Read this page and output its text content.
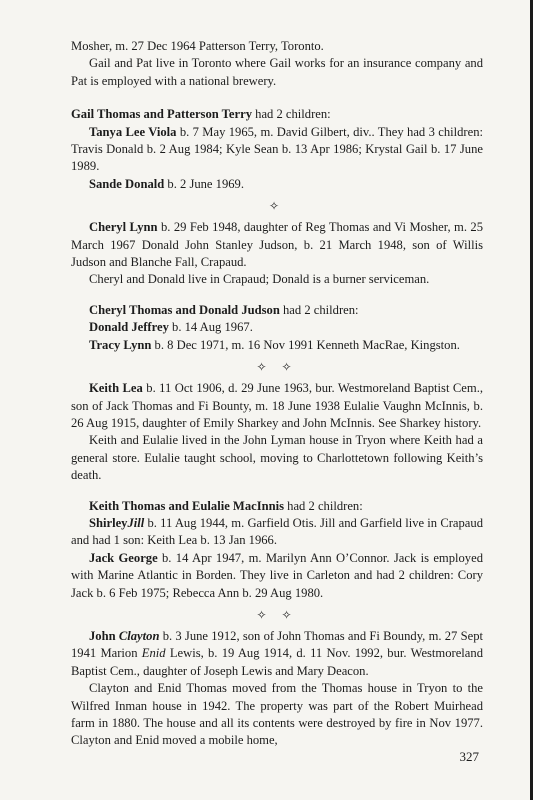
Mosher, m. 27 Dec 1964 Patterson Terry, Toronto.

Gail and Pat live in Toronto where Gail works for an insurance company and Pat is employed with a national brewery.

Gail Thomas and Patterson Terry had 2 children:

Tanya Lee Viola b. 7 May 1965, m. David Gilbert, div.. They had 3 children: Travis Donald b. 2 Aug 1984; Kyle Sean b. 13 Apr 1986; Krystal Gail b. 17 June 1989.

Sande Donald b. 2 June 1969.

✧

Cheryl Lynn b. 29 Feb 1948, daughter of Reg Thomas and Vi Mosher, m. 25 March 1967 Donald John Stanley Judson, b. 21 March 1948, son of Willis Judson and Blanche Fall, Crapaud.

Cheryl and Donald live in Crapaud; Donald is a burner serviceman.

Cheryl Thomas and Donald Judson had 2 children:

Donald Jeffrey b. 14 Aug 1967.

Tracy Lynn b. 8 Dec 1971, m. 16 Nov 1991 Kenneth MacRae, Kingston.

✧ ✧

Keith Lea b. 11 Oct 1906, d. 29 June 1963, bur. Westmoreland Baptist Cem., son of Jack Thomas and Fi Bounty, m. 18 June 1938 Eulalie Vaughn McInnis, b. 26 Aug 1915, daughter of Emily Sharkey and John McInnis. See Sharkey history.

Keith and Eulalie lived in the John Lyman house in Tryon where Keith had a general store. Eulalie taught school, moving to Charlottetown following Keith’s death.

Keith Thomas and Eulalie MacInnis had 2 children:

ShirleyJill b. 11 Aug 1944, m. Garfield Otis. Jill and Garfield live in Crapaud and had 1 son: Keith Lea b. 13 Jan 1966.

Jack George b. 14 Apr 1947, m. Marilyn Ann O’Connor. Jack is employed with Marine Atlantic in Borden. They live in Carleton and had 2 children: Cory Jack b. 6 Feb 1975; Rebecca Ann b. 29 Aug 1980.

✧ ✧

John Clayton b. 3 June 1912, son of John Thomas and Fi Boundy, m. 27 Sept 1941 Marion Enid Lewis, b. 19 Aug 1914, d. 11 Nov. 1992, bur. Westmoreland Baptist Cem., daughter of Joseph Lewis and Mary Deacon.

Clayton and Enid Thomas moved from the Thomas house in Tryon to the Wilfred Inman house in 1942. The property was part of the Robert Muirhead farm in 1880. The house and all its contents were destroyed by fire in Nov 1977. Clayton and Enid moved a mobile home,

327
